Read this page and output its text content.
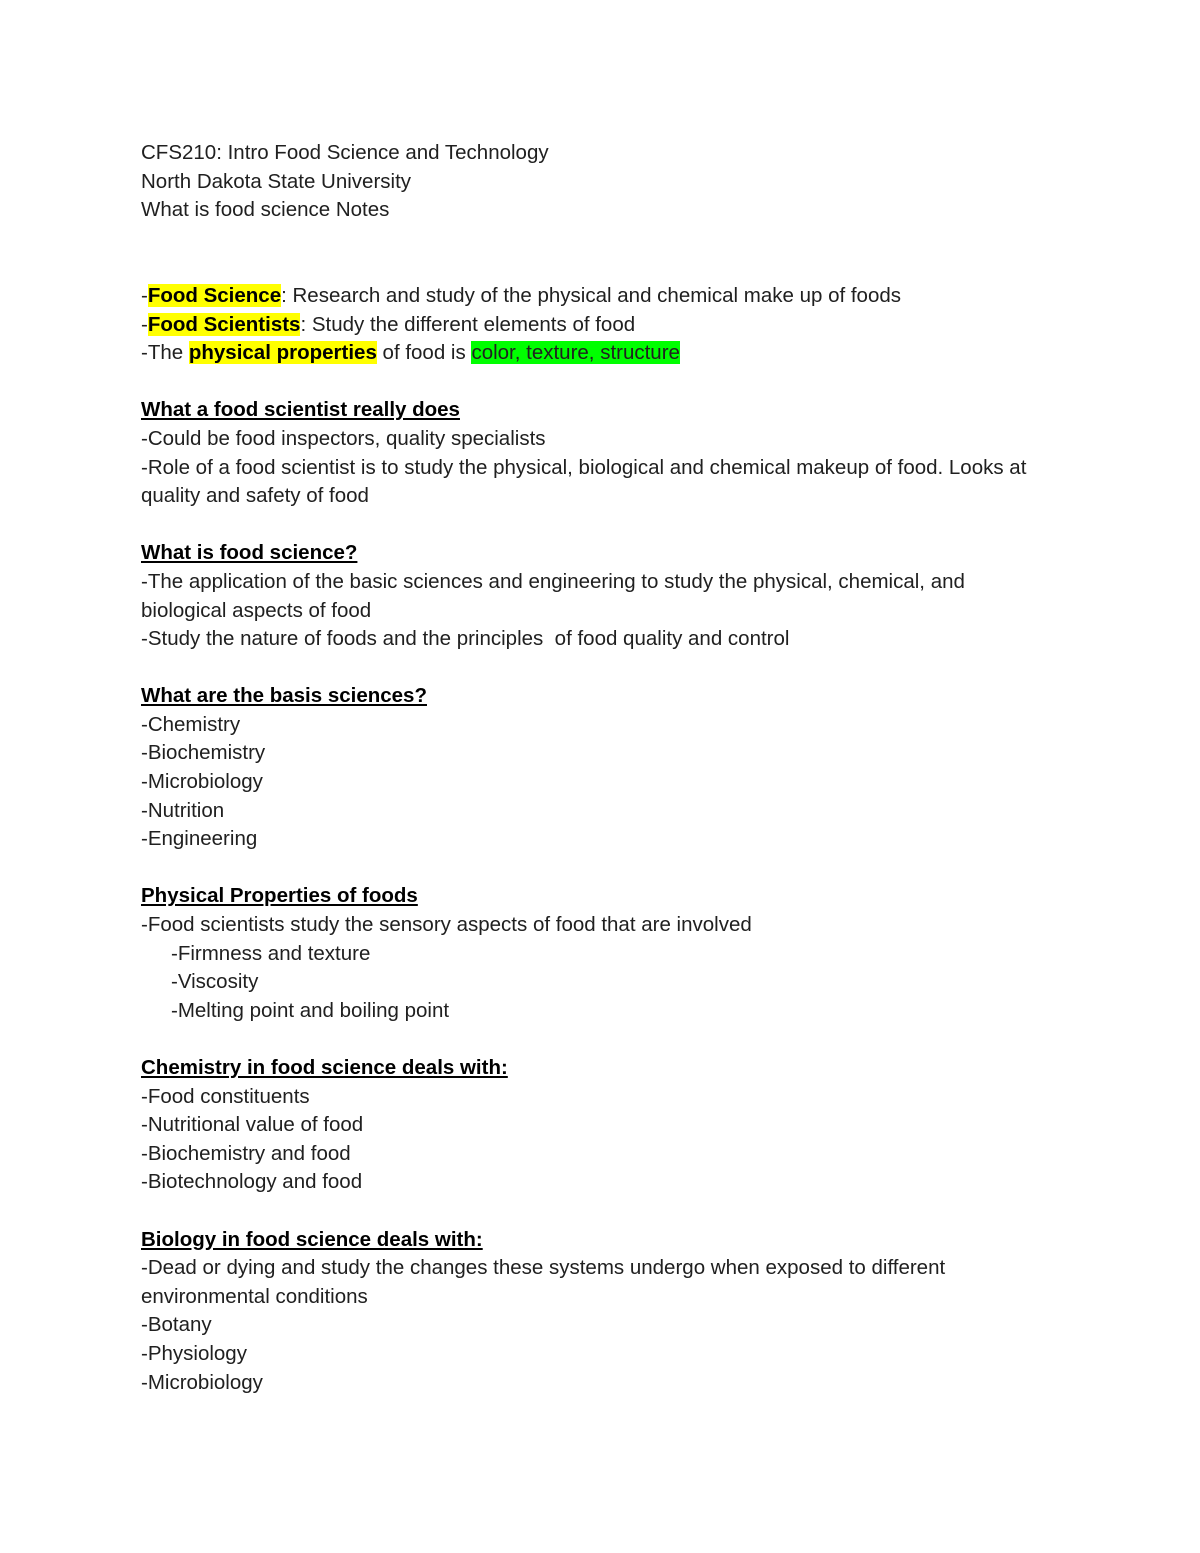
CFS210: Intro Food Science and Technology
North Dakota State University
What is food science Notes
-Food Science: Research and study of the physical and chemical make up of foods
-Food Scientists: Study the different elements of food
-The physical properties of food is color, texture, structure
What a food scientist really does
-Could be food inspectors, quality specialists
-Role of a food scientist is to study the physical, biological and chemical makeup of food. Looks at quality and safety of food
What is food science?
-The application of the basic sciences and engineering to study the physical, chemical, and biological aspects of food
-Study the nature of foods and the principles  of food quality and control
What are the basis sciences?
-Chemistry
-Biochemistry
-Microbiology
-Nutrition
-Engineering
Physical Properties of foods
-Food scientists study the sensory aspects of food that are involved
-Firmness and texture
-Viscosity
-Melting point and boiling point
Chemistry in food science deals with:
-Food constituents
-Nutritional value of food
-Biochemistry and food
-Biotechnology and food
Biology in food science deals with:
-Dead or dying and study the changes these systems undergo when exposed to different environmental conditions
-Botany
-Physiology
-Microbiology
